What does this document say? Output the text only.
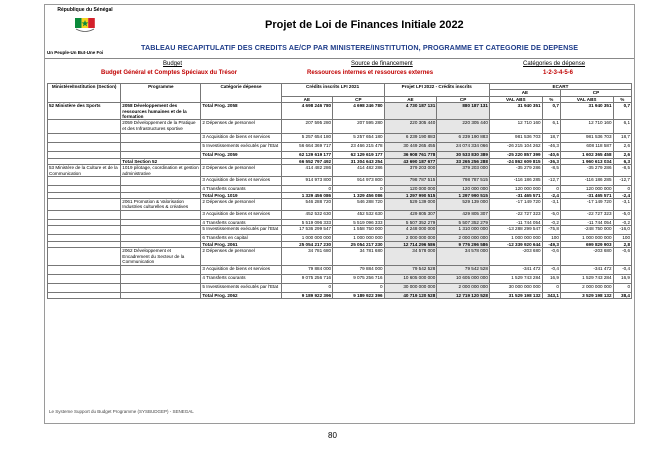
République du Sénégal
Un Peuple-Un But-Une Foi
Projet de Loi de Finances Initiale 2022
TABLEAU RECAPITULATIF DES CREDITS AE/CP PAR MINISTERE/INSTITUTION, PROGRAMME ET CATEGORIE DE DEPENSE
Budget
Budget Général et Comptes Spéciaux du Trésor
Source de financement
Ressources internes et ressources externes
Catégories de dépense
1-2-3-4-5-6
Ministère/Institution (Section)	Programme	Catégorie dépense	Crédits inscrits LFI 2021		Projet LFI 2022 - Crédits inscrits		ECART			
							AE		CP	
			AE	CP	AE	CP	VAL ABS	%	VAL ABS	%
52 Ministère des Sports	2058 Développement des ressources humaines et de la formation	Total Prog. 2058	4 698 246 780	4 698 246 780	4 730 187 131	880 187 131	31 940 351	0,7	31 940 351	0,7
	2059 Développement de la Pratique et des Infrastructures sportive	2 Dépenses de personnel	207 595 280	207 595 280	220 305 440	220 305 440	12 710 160	6,1	12 710 160	6,1
		3 Acquisition de biens et services	5 257 654 180	5 257 654 180	6 239 190 883	6 239 190 883	981 536 703	18,7	981 536 703	18,7
		5 Investissements exécutés par l'Etat	56 664 369 717	23 466 215 478	30 449 265 455	24 074 334 066	-26 215 104 262	-46,3	608 118 587	2,6
		Total Prog. 2059	62 129 619 177	62 129 619 177	36 908 761 778	30 533 830 389	-25 220 857 399	-40,6	1 602 365 458	2,6
	Total Section 52		66 552 797 492	31 304 643 254	43 690 187 677	33 265 256 288	-24 862 609 815	-36,3	1 960 613 034	6,3
53 Ministère de la Culture et de la Communication	1019 pilotage, coordination et gestion administrative	2 Dépenses de personnel	414 482 286	414 482 286	379 203 000	379 203 000	-35 279 286	-8,5	-35 279 286	-8,5
		3 Acquisition de biens et services	914 973 800	914 973 800	798 787 515	798 787 515	-116 186 285	-12,7	-116 186 285	-12,7
		4 Transferts courants	0	0	120 000 000	120 000 000	120 000 000	0	120 000 000	0
		Total Prog. 1019	1 329 456 086	1 329 456 086	1 297 990 515	1 297 990 515	-31 465 571	-2,4	-31 465 571	-2,4
	2061 Promotion & Valorisation Industries culturelles & créatives	2 Dépenses de personnel	546 288 720	546 288 720	529 139 000	529 139 000	-17 149 720	-3,1	-17 149 720	-3,1
		3 Acquisition de biens et services	452 532 630	452 532 630	429 805 307	429 805 307	-22 727 323	-5,0	-22 727 323	-5,0
		4 Transferts courants	5 519 096 333	5 519 096 333	5 507 352 279	5 507 352 279	-11 744 054	-0,2	-11 744 054	-0,2
		5 Investissements exécutés par l'Etat	17 536 299 547	1 558 750 000	4 248 000 000	1 310 000 000	-13 288 299 547	-75,8	-248 750 000	-16,0
		6 Transferts en capital	1 000 000 000	1 000 000 000	2 000 000 000	2 000 000 000	1 000 000 000	100	1 000 000 000	100
		Total Prog. 2061	25 054 217 230	25 054 217 230	12 714 296 586	9 776 296 586	-12 339 920 644	-49,3	699 829 903	2,8
	2062 Développement et Encadrement du Secteur de la Communication	2 Dépenses de personnel	34 781 680	34 781 680	34 578 000	34 578 000	-203 680	-0,6	-203 680	-0,6
		3 Acquisition de biens et services	79 884 000	79 884 000	79 542 528	79 542 528	-341 472	-0,4	-341 472	-0,4
		4 Transferts courants	9 075 256 716	9 075 256 716	10 605 000 000	10 605 000 000	1 529 743 284	16,9	1 529 743 284	16,9
		5 Investissements exécutés par l'Etat	0	0	30 000 000 000	2 000 000 000	30 000 000 000	0	2 000 000 000	0
		Total Prog. 2062	9 189 922 396	9 189 922 396	40 719 120 528	12 719 120 528	31 529 198 132	343,1	3 529 198 132	38,4
Le Systeme Support du Budget Programme (SYSBUDGEP) - SENEGAL
80
